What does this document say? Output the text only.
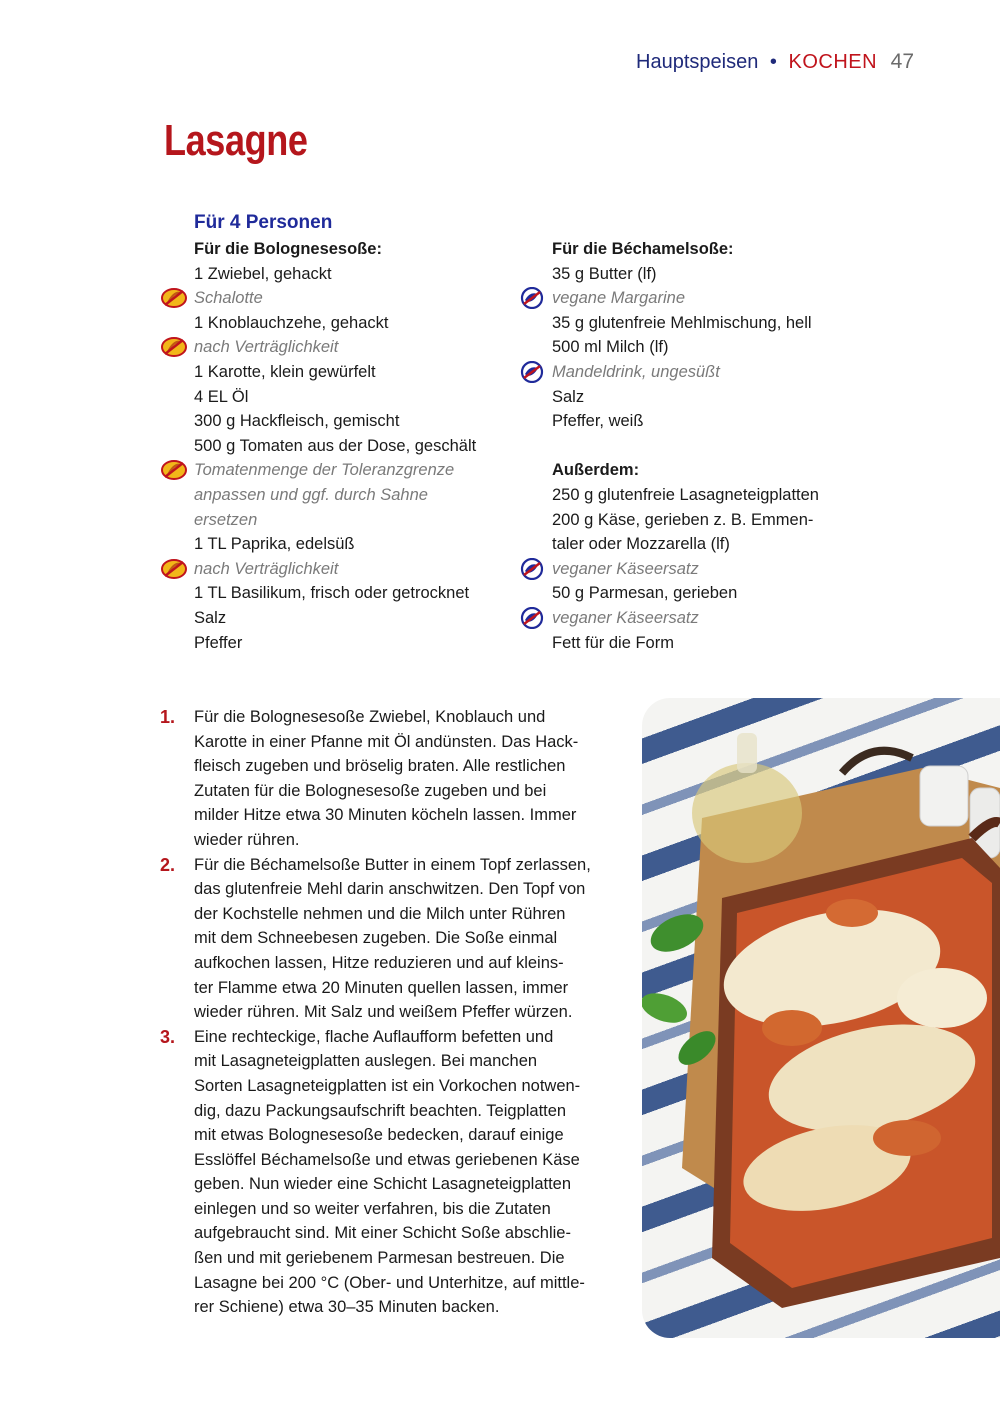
Hauptspeisen • KOCHEN 47
Lasagne
Für 4 Personen
Für die Bolognesesoße:
1 Zwiebel, gehackt
Schalotte
1 Knoblauchzehe, gehackt
nach Verträglichkeit
1 Karotte, klein gewürfelt
4 EL Öl
300 g Hackfleisch, gemischt
500 g Tomaten aus der Dose, geschält
Tomatenmenge der Toleranzgrenze
anpassen und ggf. durch Sahne
ersetzen
1 TL Paprika, edelsüß
nach Verträglichkeit
1 TL Basilikum, frisch oder getrocknet
Salz
Pfeffer
Für die Béchamelsoße:
35 g Butter (lf)
vegane Margarine
35 g glutenfreie Mehlmischung, hell
500 ml Milch (lf)
Mandeldrink, ungesüßt
Salz
Pfeffer, weiß
Außerdem:
250 g glutenfreie Lasagneteigplatten
200 g Käse, gerieben z. B. Emmen-
taler oder Mozzarella (lf)
veganer Käseersatz
50 g Parmesan, gerieben
veganer Käseersatz
Fett für die Form
1.	Für die Bolognesesoße Zwiebel, Knoblauch und
Karotte in einer Pfanne mit Öl andünsten. Das Hack-
fleisch zugeben und bröselig braten. Alle restlichen
Zutaten für die Bolognesesoße zugeben und bei
milder Hitze etwa 30 Minuten köcheln lassen. Immer
wieder rühren.
2.	Für die Béchamelsoße Butter in einem Topf zerlassen,
das glutenfreie Mehl darin anschwitzen. Den Topf von
der Kochstelle nehmen und die Milch unter Rühren
mit dem Schneebesen zugeben. Die Soße einmal
aufkochen lassen, Hitze reduzieren und auf kleins-
ter Flamme etwa 20 Minuten quellen lassen, immer
wieder rühren. Mit Salz und weißem Pfeffer würzen.
3.	Eine rechteckige, flache Auflaufform befetten und
mit Lasagneteigplatten auslegen. Bei manchen
Sorten Lasagneteigplatten ist ein Vorkochen notwen-
dig, dazu Packungsaufschrift beachten. Teigplatten
mit etwas Bolognesesoße bedecken, darauf einige
Esslöffel Béchamelsoße und etwas geriebenen Käse
geben. Nun wieder eine Schicht Lasagneteigplatten
einlegen und so weiter verfahren, bis die Zutaten
aufgebraucht sind. Mit einer Schicht Soße abschlie-
ßen und mit geriebenem Parmesan bestreuen. Die
Lasagne bei 200 °C (Ober- und Unterhitze, auf mittle-
rer Schiene) etwa 30–35 Minuten backen.
